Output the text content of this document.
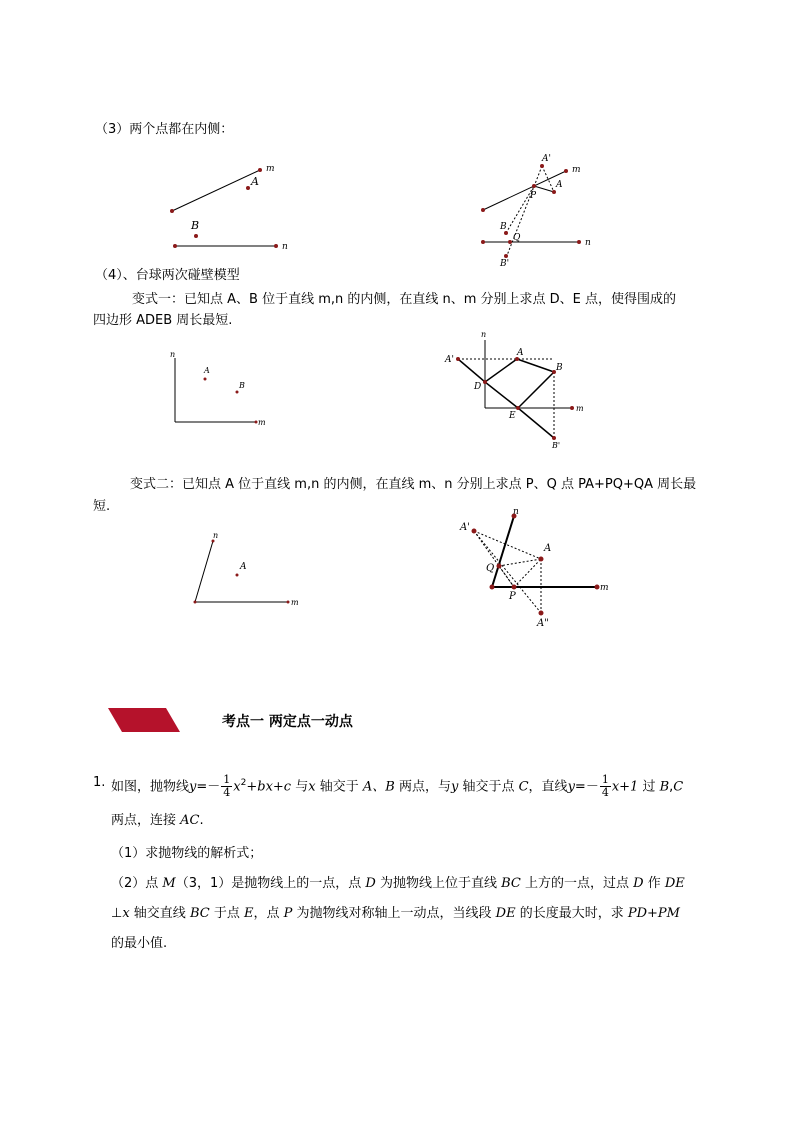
（3）两个点都在内侧：
m
A
B
n
A'
m
A
P
B
Q	n
B'
（4）、台球两次碰壁模型
变式一：已知点 A、B 位于直线 m,n 的内侧，在直线 n、m 分别上求点 D、E 点，使得围成的
四边形 ADEB 周长最短.
n
A
B
m
n
A'
A
B
D
E
m
B'
变式二：已知点 A 位于直线 m,n 的内侧，在直线 m、n 分别上求点 P、Q 点 PA+PQ+QA 周长最
短.
n
A
m
A'
n
A
Q
m
P
A"
考点一 两定点一动点
1. 如图，抛物线$y=- \frac{1}{4} x^2+bx+c$ 与x 轴交于 A、B 两点，与y 轴交于点 C，直线$y=- \frac{1}{4} x+1$ 过 B,C
两点，连接 AC.
（1）求抛物线的解析式；
（2）点 M（3，1）是抛物线上的一点，点 D 为抛物线上位于直线 BC 上方的一点，过点 D 作 DE
⊥x 轴交直线 BC 于点 E，点 P 为抛物线对称轴上一动点，当线段 DE 的长度最大时，求 PD+PM
的最小值.
